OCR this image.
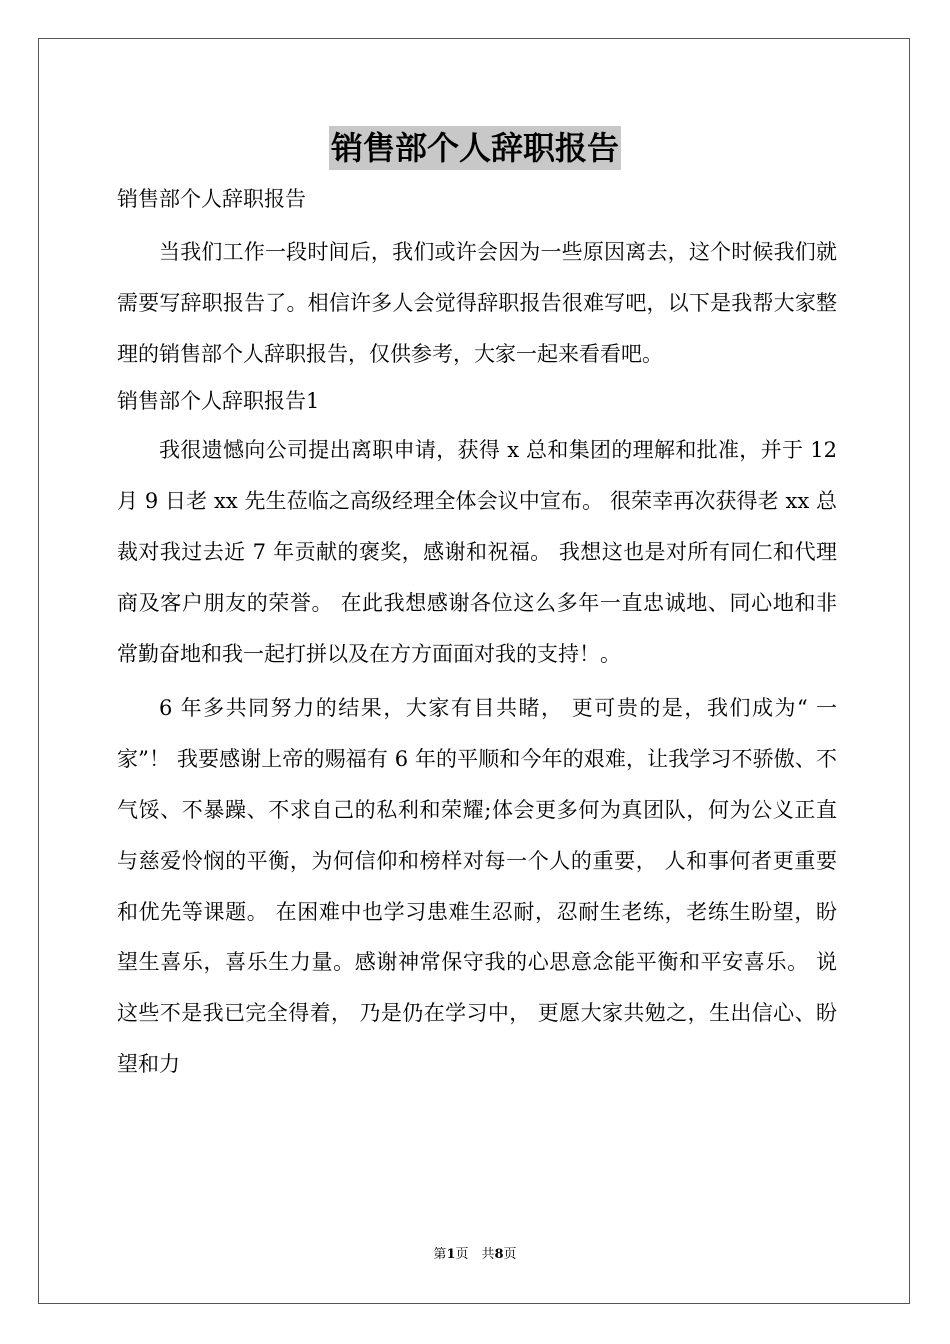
销售部个人辞职报告

销售部个人辞职报告

当我们工作一段时间后，我们或许会因为一些原因离去，这个时候我们就需要写辞职报告了。相信许多人会觉得辞职报告很难写吧，以下是我帮大家整理的销售部个人辞职报告，仅供参考，大家一起来看看吧。

销售部个人辞职报告1

我很遗憾向公司提出离职申请，获得 x 总和集团的理解和批准，并于 12 月 9 日老 xx 先生莅临之高级经理全体会议中宣布。 很荣幸再次获得老 xx 总裁对我过去近 7 年贡献的褒奖，感谢和祝福。 我想这也是对所有同仁和代理商及客户朋友的荣誉。 在此我想感谢各位这么多年一直忠诚地、同心地和非常勤奋地和我一起打拼以及在方方面面对我的支持！。

6 年多共同努力的结果，大家有目共睹， 更可贵的是，我们成为“ 一家”！ 我要感谢上帝的赐福有 6 年的平顺和今年的艰难，让我学习不骄傲、不气馁、不暴躁、不求自己的私利和荣耀;体会更多何为真团队，何为公义正直与慈爱怜悯的平衡，为何信仰和榜样对每一个人的重要， 人和事何者更重要和优先等课题。 在困难中也学习患难生忍耐，忍耐生老练，老练生盼望，盼望生喜乐，喜乐生力量。感谢神常保守我的心思意念能平衡和平安喜乐。 说这些不是我已完全得着， 乃是仍在学习中， 更愿大家共勉之，生出信心、盼望和力

第1页　共8页
